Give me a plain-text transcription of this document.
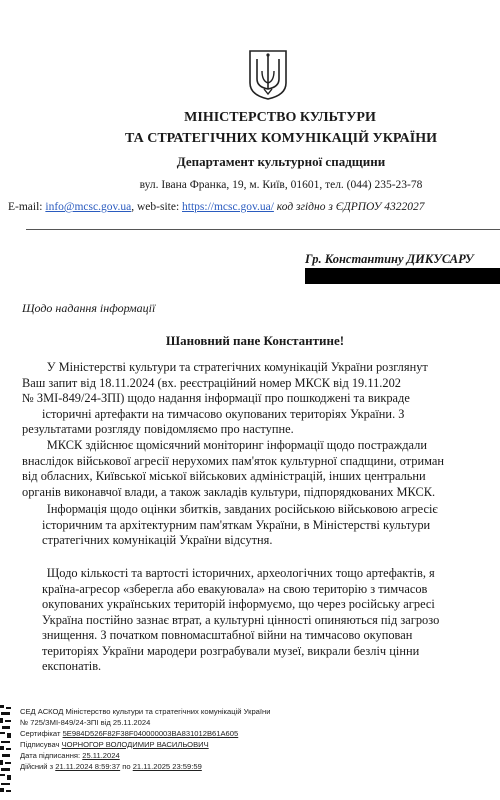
МІНІСТЕРСТВО КУЛЬТУРИ
ТА СТРАТЕГІЧНИХ КОМУНІКАЦІЙ УКРАЇНИ
Департамент культурної спадщини
вул. Івана Франка, 19, м. Київ, 01601, тел. (044) 235-23-78
E-mail: info@mcsc.gov.ua, web-site: https://mcsc.gov.ua/ код згідно з ЄДРПОУ 4322027
Гр. Константину ДИКУСАРУ
Щодо надання інформації
Шановний пане Константине!
У Міністерстві культури та стратегічних комунікацій України розглянут
Ваш запит від 18.11.2024 (вх. реєстраційний номер МКСК від 19.11.202
№ ЗМІ-849/24-ЗПІ) щодо надання інформації про пошкоджені та викраде
історичні артефакти на тимчасово окупованих територіях України. З
результатами розгляду повідомляємо про наступне.
МКСК здійснює щомісячний моніторинг інформації щодо постраждали
внаслідок військової агресії нерухомих пам'яток культурної спадщини, отриман
від обласних, Київської міської військових адміністрацій, інших центральни
органів виконавчої влади, а також закладів культури, підпорядкованих МКСК.
Інформація щодо оцінки збитків, завданих російською військовою агресіє
історичним та архітектурним пам'яткам України, в Міністерстві культури
стратегічних комунікацій України відсутня.
Щодо кількості та вартості історичних, археологічних тощо артефактів, я
країна-агресор «зберегла або евакуювала» на свою територію з тимчасов
окупованих українських територій інформуємо, що через російську агресі
Україна постійно зазнає втрат, а культурні цінності опиняються під загрозо
знищення. З початком повномасштабної війни на тимчасово окупован
територіях України мародери розграбували музеї, викрали безліч цінни
експонатів.
СЕД АСКОД Міністерство культури та стратегічних комунікацій України
№ 725/ЗМІ-849/24-ЗПІ від 25.11.2024
Сертифікат 5E984D526F82F38F040000003BA831012B61A605
Підписувач ЧОРНОГОР ВОЛОДИМИР ВАСИЛЬОВИЧ
Дата підписання: 25.11.2024
Дійсний з 21.11.2024 8:59:37 по 21.11.2025 23:59:59
